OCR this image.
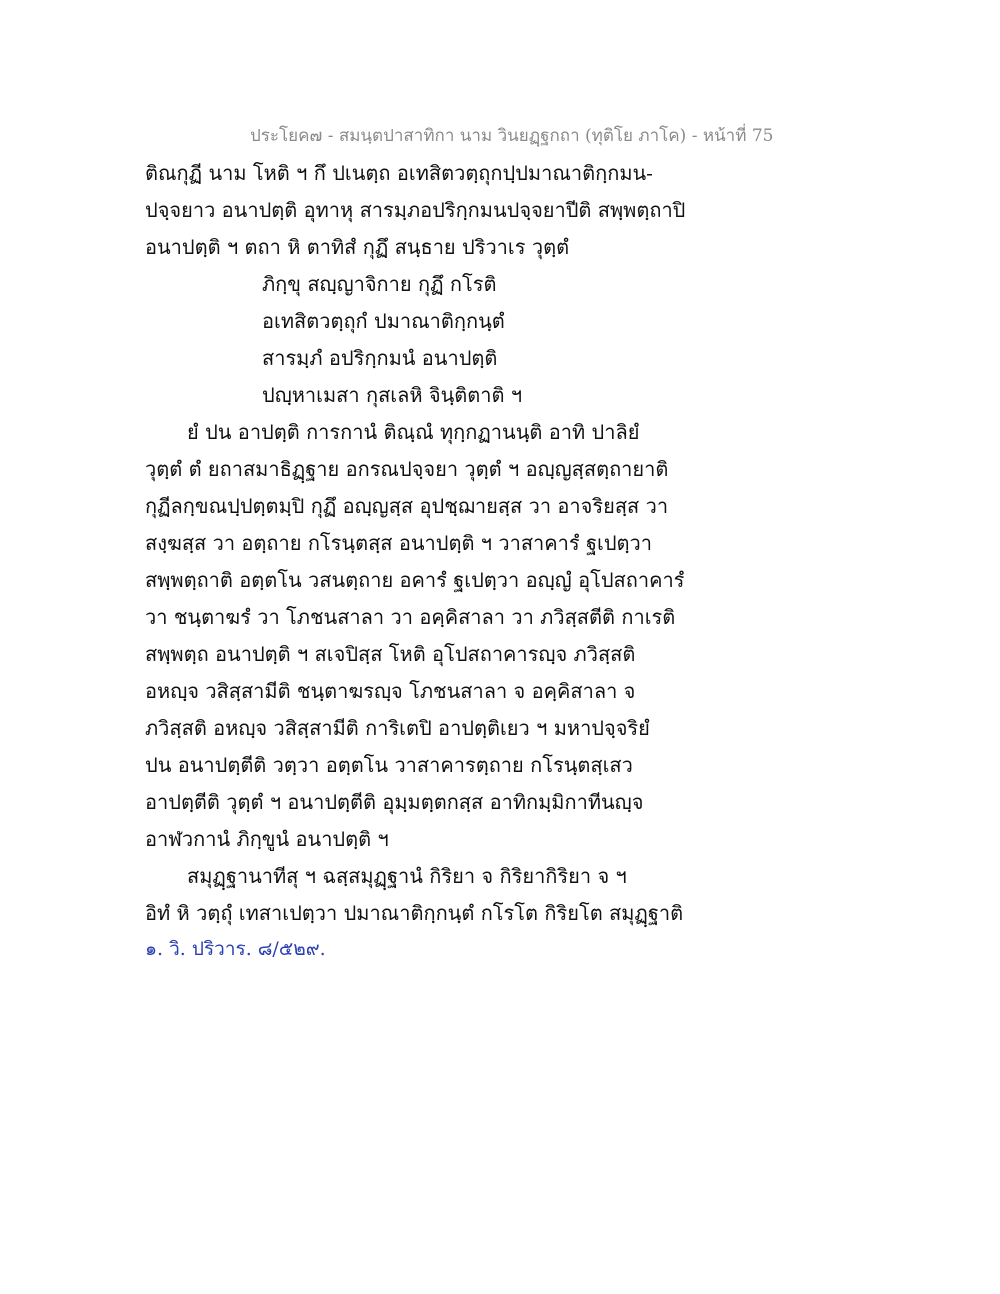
ประโยค๗ - สมนฺตปาสาทิกา นาม วินยฏฺฐกถา (ทุติโย ภาโค) - หน้าที่ 75
ติณกุฏี นาม โหติ ฯ กึ ปเนตฺถ อเทสิตวตฺถุกปฺปมาณาติกฺกมน-
ปจฺจยาว อนาปตฺติ อุทาหุ สารมฺภอปริกฺกมนปจฺจยาปีติ สพฺพตฺถาปิ
อนาปตฺติ ฯ ตถา หิ ตาทิสํ กุฏึ สนฺธาย ปริวาเร วุตฺตํ
ภิกฺขุ สญฺญาจิกาย กุฏึ กโรติ
อเทสิตวตฺถุกํ ปมาณาติกฺกนฺตํ
สารมฺภํ อปริกฺกมนํ อนาปตฺติ
ปญฺหาเมสา กุสเลหิ จินฺติตาติ ฯ
ยํ ปน อาปตฺติ การกานํ ติณฺณํ ทุกฺกฏานนฺติ อาทิ ปาลิยํ
วุตฺตํ ตํ ยถาสมาธิฏฺฐาย อกรณปจฺจยา วุตฺตํ ฯ อญฺญสฺสตฺถายาติ
กุฏีลกฺขณปฺปตฺตมฺปิ กุฏึ อญฺญสฺส อุปชฺฌายสฺส วา อาจริยสฺส วา
สงฺฆสฺส วา อตฺถาย กโรนฺตสฺส อนาปตฺติ ฯ วาสาคารํ ฐเปตฺวา
สพฺพตฺถาติ อตฺตโน วสนตฺถาย อคารํ ฐเปตฺวา อญฺญํ อุโปสถาคารํ
วา ชนฺตาฆรํ วา โภชนสาลา วา อคฺคิสาลา วา ภวิสฺสตีติ กาเรติ
สพฺพตฺถ อนาปตฺติ ฯ สเจปิสฺส โหติ อุโปสถาคารญฺจ ภวิสฺสติ
อหญฺจ วสิสฺสามีติ ชนฺตาฆรญฺจ โภชนสาลา จ อคฺคิสาลา จ
ภวิสฺสติ อหญฺจ วสิสฺสามีติ การิเตปิ อาปตฺติเยว ฯ มหาปจฺจริยํ
ปน อนาปตฺตีติ วตฺวา อตฺตโน วาสาคารตฺถาย กโรนฺตสฺเสว
อาปตฺตีติ วุตฺตํ ฯ อนาปตฺตีติ อุมฺมตฺตกสฺส อาทิกมฺมิกาทีนญฺจ
อาฬวกานํ ภิกฺขูนํ อนาปตฺติ ฯ
สมุฏฺฐานาทีสุ ฯ ฉสฺสมุฏฺฐานํ กิริยา จ กิริยากิริยา จ ฯ
อิทํ หิ วตฺถุํ เทสาเปตฺวา ปมาณาติกฺกนฺตํ กโรโต กิริยโต สมุฏฺฐาติ
๑. วิ. ปริวาร. ๘/๕๒๙.
